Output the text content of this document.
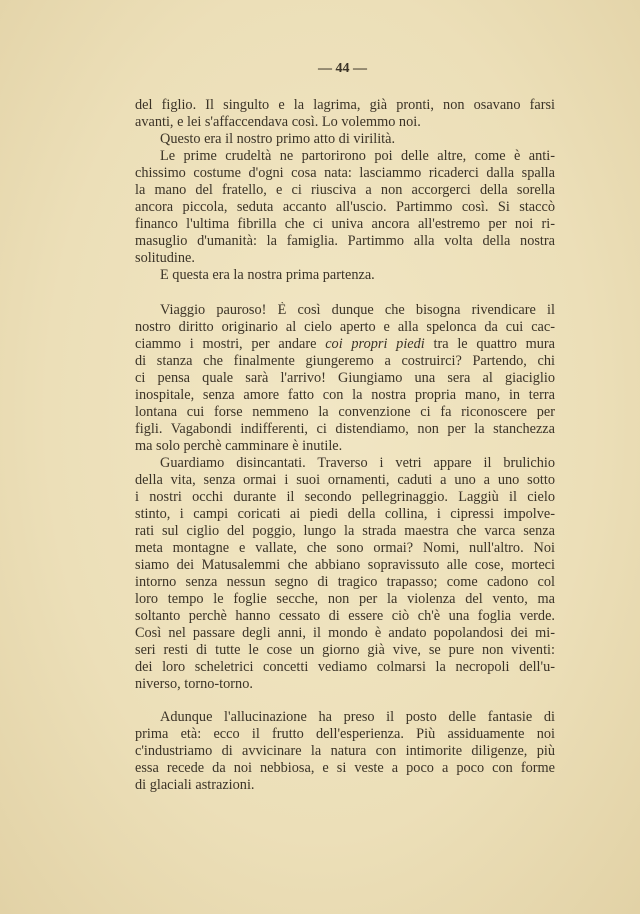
— 44 —
del figlio. Il singulto e la lagrima, già pronti, non osavano farsi
avanti, e lei s'affaccendava così. Lo volemmo noi.
Questo era il nostro primo atto di virilità.
Le prime crudeltà ne partorirono poi delle altre, come è anti-
chissimo costume d'ogni cosa nata: lasciammo ricaderci dalla spalla
la mano del fratello, e ci riusciva a non accorgerci della sorella
ancora piccola, seduta accanto all'uscio. Partimmo così. Si staccò
financo l'ultima fibrilla che ci univa ancora all'estremo per noi ri-
masuglio d'umanità: la famiglia. Partimmo alla volta della nostra
solitudine.
E questa era la nostra prima partenza.
Viaggio pauroso! È così dunque che bisogna rivendicare il
nostro diritto originario al cielo aperto e alla spelonca da cui cac-
ciammo i mostri, per andare coi propri piedi tra le quattro mura
di stanza che finalmente giungeremo a costruirci? Partendo, chi
ci pensa quale sarà l'arrivo! Giungiamo una sera al giaciglio
inospitale, senza amore fatto con la nostra propria mano, in terra
lontana cui forse nemmeno la convenzione ci fa riconoscere per
figli. Vagabondi indifferenti, ci distendiamo, non per la stanchezza
ma solo perchè camminare è inutile.
Guardiamo disincantati. Traverso i vetri appare il brulichio
della vita, senza ormai i suoi ornamenti, caduti a uno a uno sotto
i nostri occhi durante il secondo pellegrinaggio. Laggiù il cielo
stinto, i campi coricati ai piedi della collina, i cipressi impolve-
rati sul ciglio del poggio, lungo la strada maestra che varca senza
meta montagne e vallate, che sono ormai? Nomi, null'altro. Noi
siamo dei Matusalemmi che abbiano sopravissuto alle cose, morteci
intorno senza nessun segno di tragico trapasso; come cadono col
loro tempo le foglie secche, non per la violenza del vento, ma
soltanto perchè hanno cessato di essere ciò ch'è una foglia verde.
Così nel passare degli anni, il mondo è andato popolandosi dei mi-
seri resti di tutte le cose un giorno già vive, se pure non viventi:
dei loro scheletrici concetti vediamo colmarsi la necropoli dell'u-
niverso, torno-torno.
Adunque l'allucinazione ha preso il posto delle fantasie di
prima età: ecco il frutto dell'esperienza. Più assiduamente noi
c'industriamo di avvicinare la natura con intimorite diligenze, più
essa recede da noi nebbiosa, e si veste a poco a poco con forme
di glaciali astrazioni.
